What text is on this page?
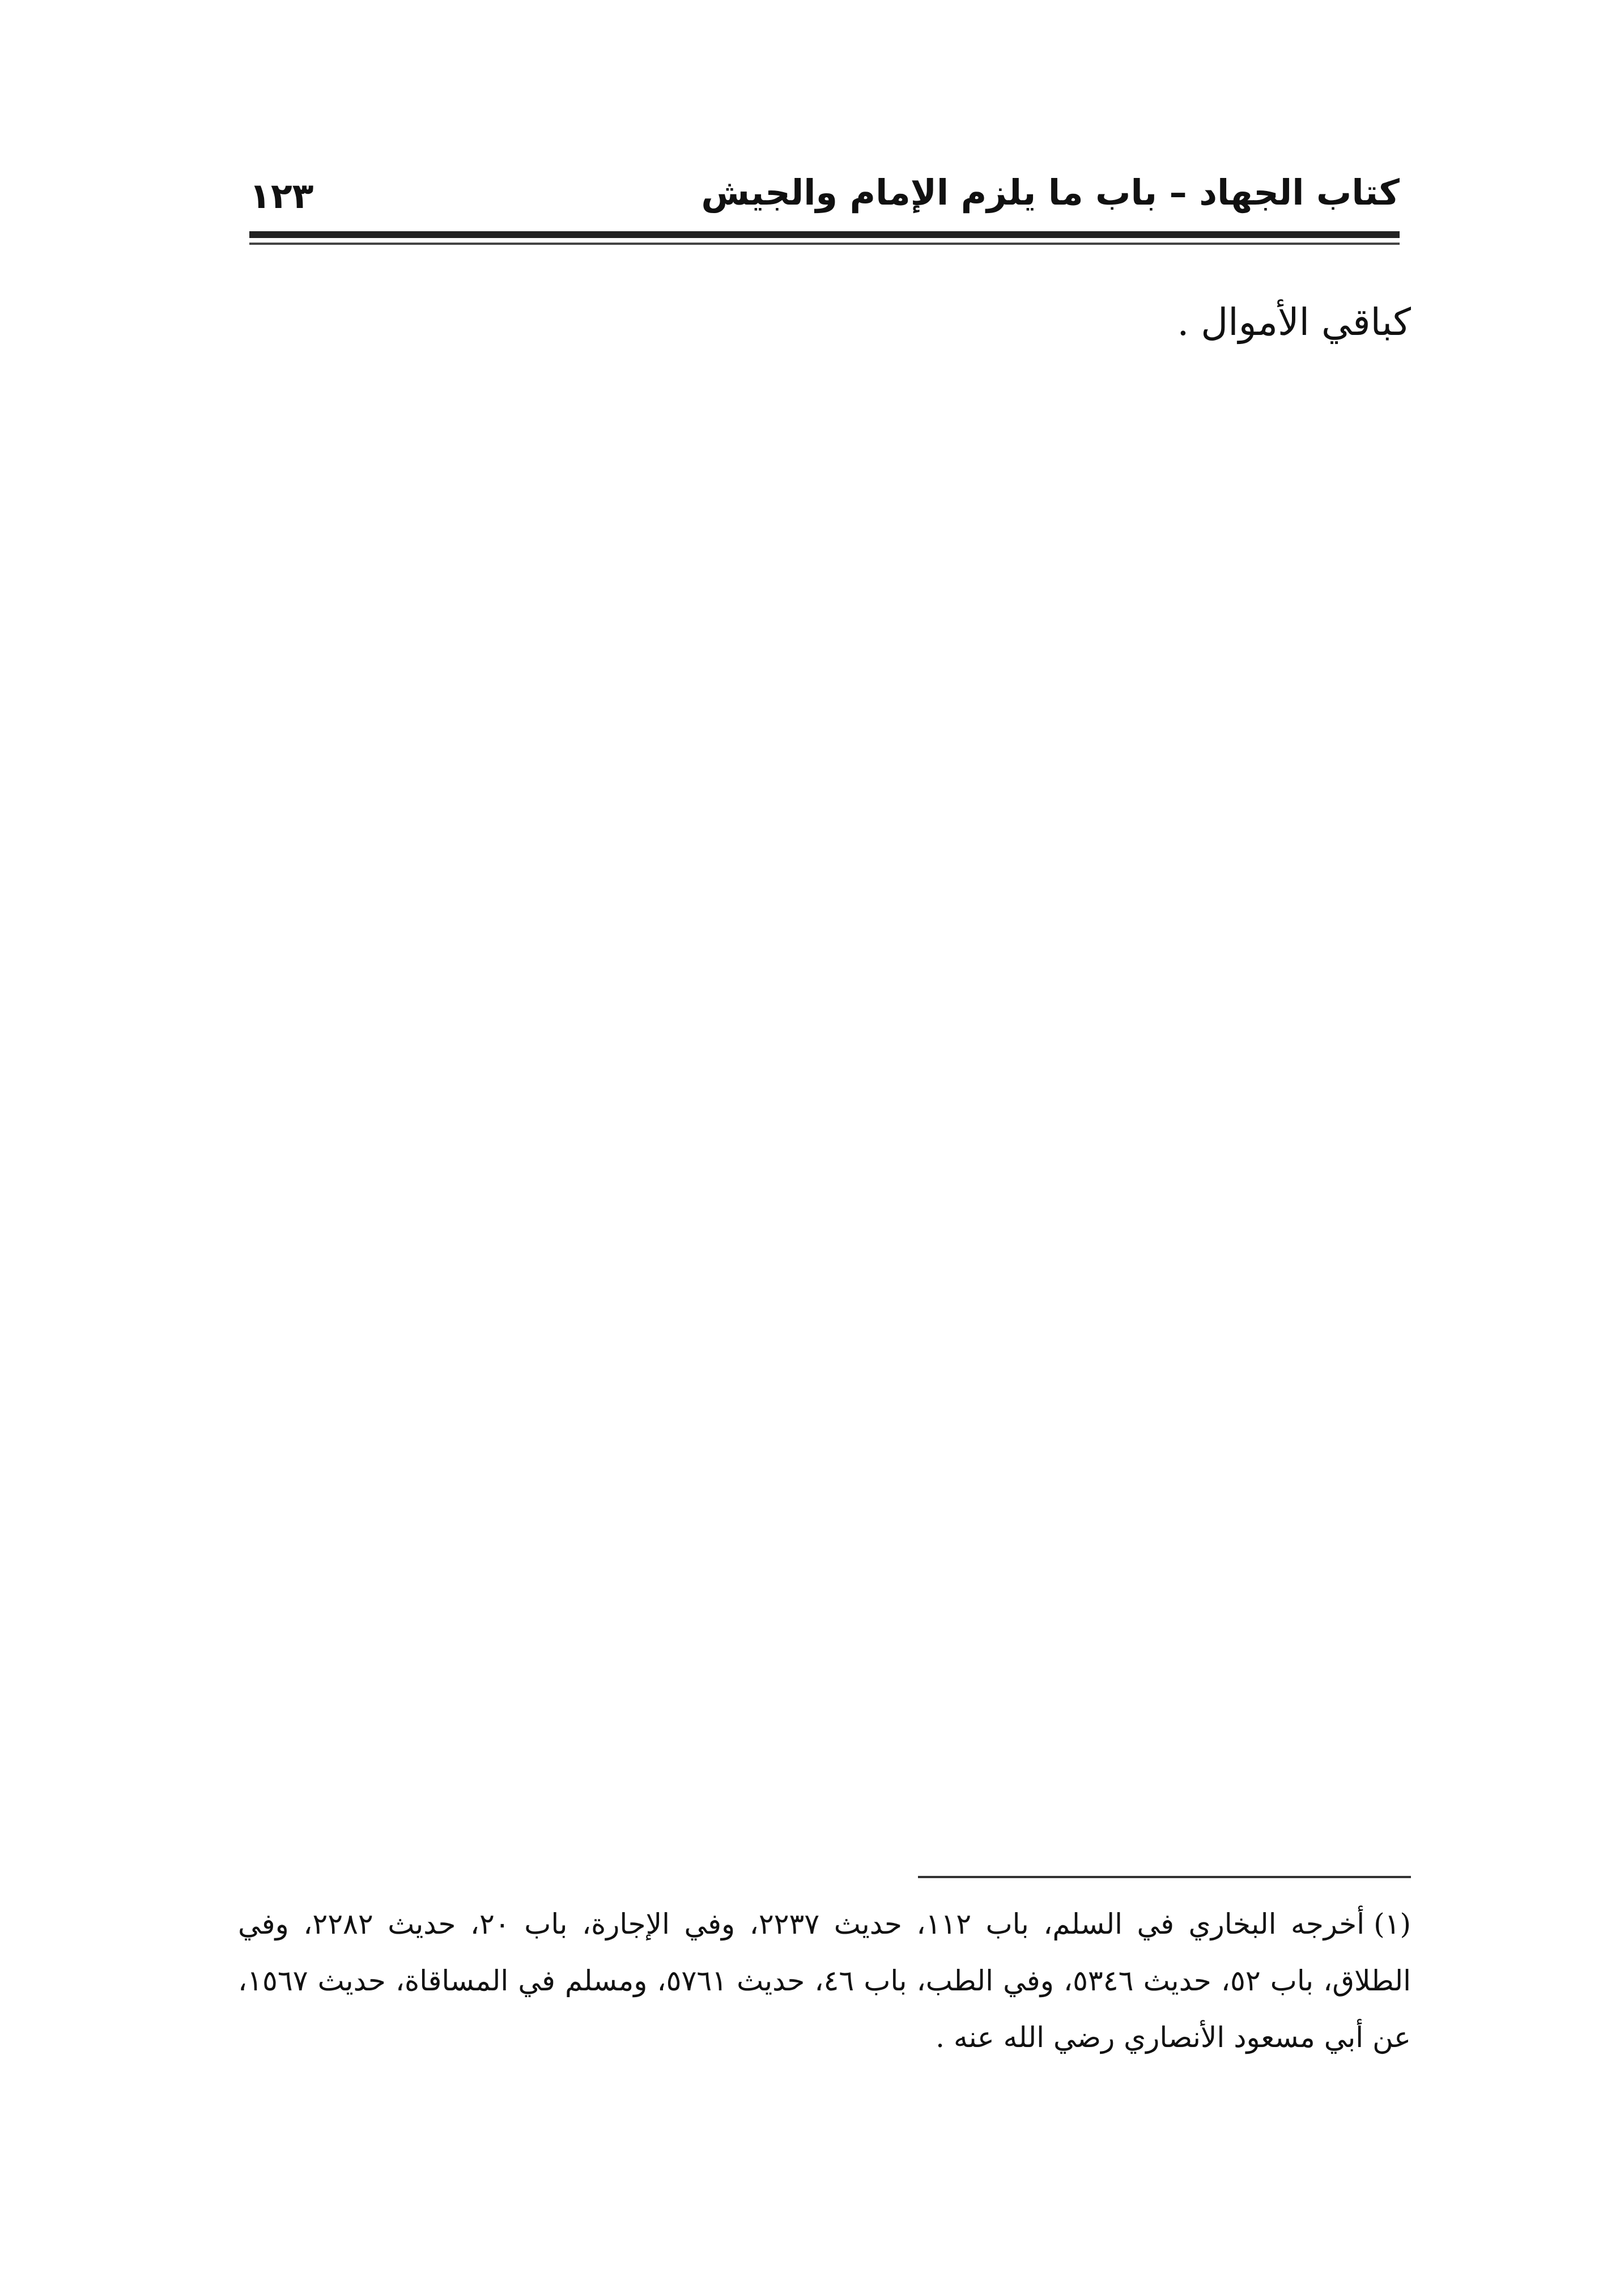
كتاب الجهاد – باب ما يلزم الإمام والجيش
١٢٣

كباقي الأموال .

(١)أخرجه البخاري في السلم، باب ١١٢، حديث ٢٢٣٧، وفي الإجارة، باب ٢٠، حديث ٢٢٨٢، وفي الطلاق، باب ٥٢، حديث ٥٣٤٦، وفي الطب، باب ٤٦، حديث ٥٧٦١، ومسلم في المساقاة، حديث ١٥٦٧، عن أبي مسعود الأنصاري رضي الله عنه .
